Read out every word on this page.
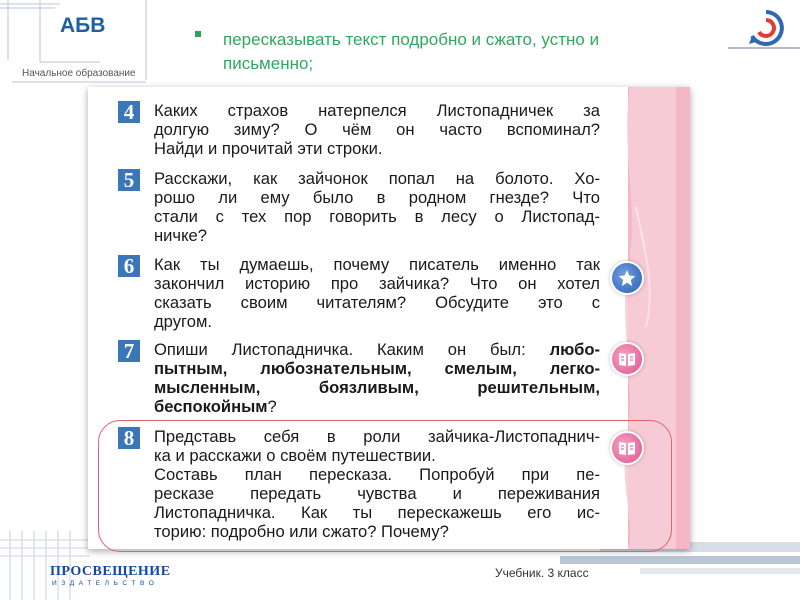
АБВ
Начальное образование
пересказывать текст подробно и сжато, устно и письменно;
ПРОСВЕЩЕНИЕ
ИЗДАТЕЛЬСТВО
Учебник. 3 класс
4	Каких страхов натерпелся Листопадничек за
долгую зиму? О чём он часто вспоминал?
Найди и прочитай эти строки.
5	Расскажи, как зайчонок попал на болото. Хо-
рошо ли ему было в родном гнезде? Что
стали с тех пор говорить в лесу о Листопад-
ничке?
6	Как ты думаешь, почему писатель именно так
закончил историю про зайчика? Что он хотел
сказать своим читателям? Обсудите это с
другом.
7	Опиши Листопадничка. Каким он был: любо-
пытным, любознательным, смелым, легко-
мысленным, боязливым, решительным,
беспокойным?
8	Представь себя в роли зайчика-Листопаднич-
ка и расскажи о своём путешествии.
Составь план пересказа. Попробуй при пе-
ресказе передать чувства и переживания
Листопадничка. Как ты перескажешь его ис-
торию: подробно или сжато? Почему?
